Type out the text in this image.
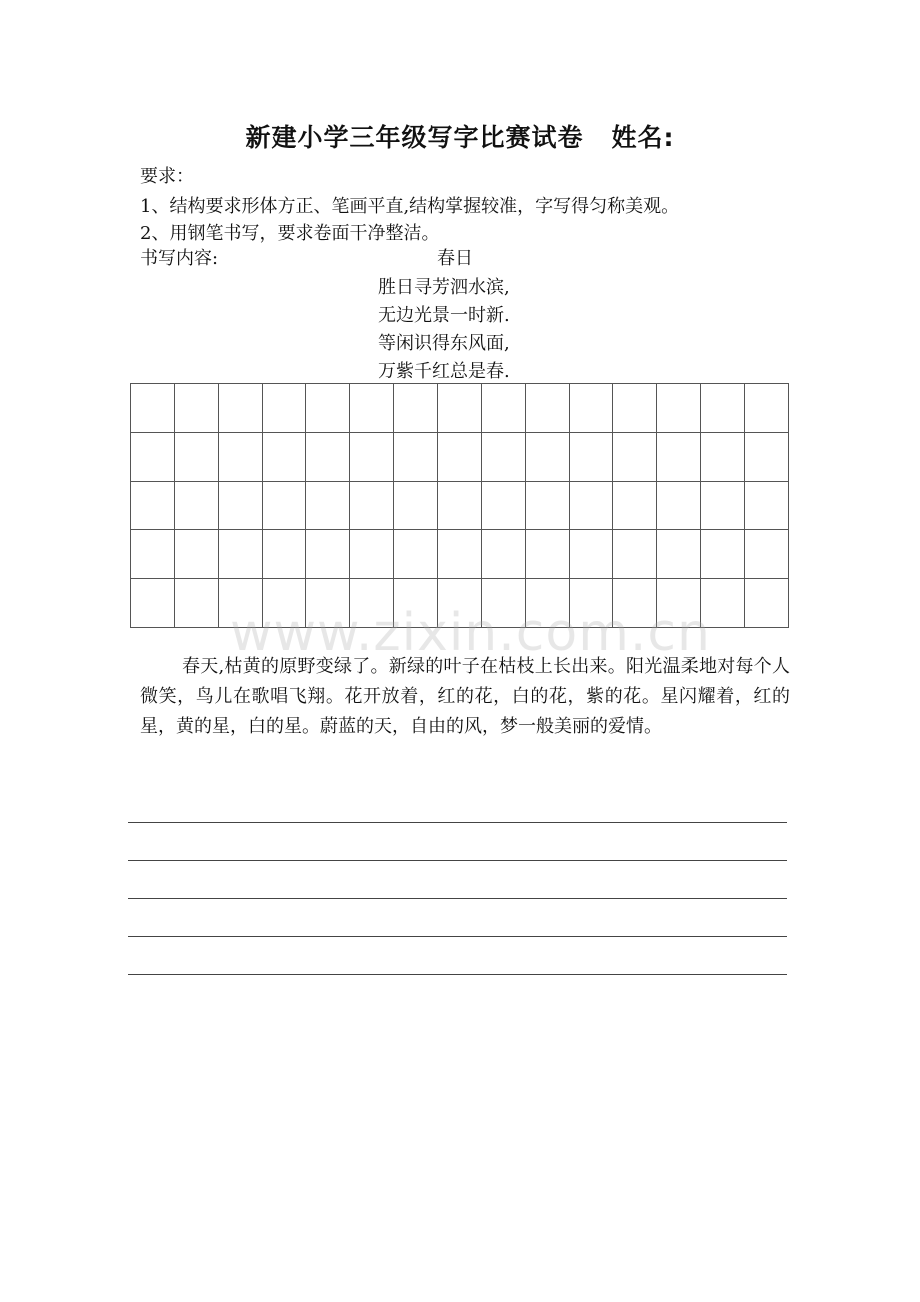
新建小学三年级写字比赛试卷 姓名:
要求：
1、结构要求形体方正、笔画平直,结构掌握较准，字写得匀称美观。
2、用钢笔书写，要求卷面干净整洁。
书写内容:	春日
胜日寻芳泗水滨,
无边光景一时新.
等闲识得东风面,
万紫千红总是春.

www.zixin.com.cn
春天,枯黄的原野变绿了。新绿的叶子在枯枝上长出来。阳光温柔地对每个人微笑，鸟儿在歌唱飞翔。花开放着，红的花，白的花，紫的花。星闪耀着，红的星，黄的星，白的星。蔚蓝的天，自由的风，梦一般美丽的爱情。
